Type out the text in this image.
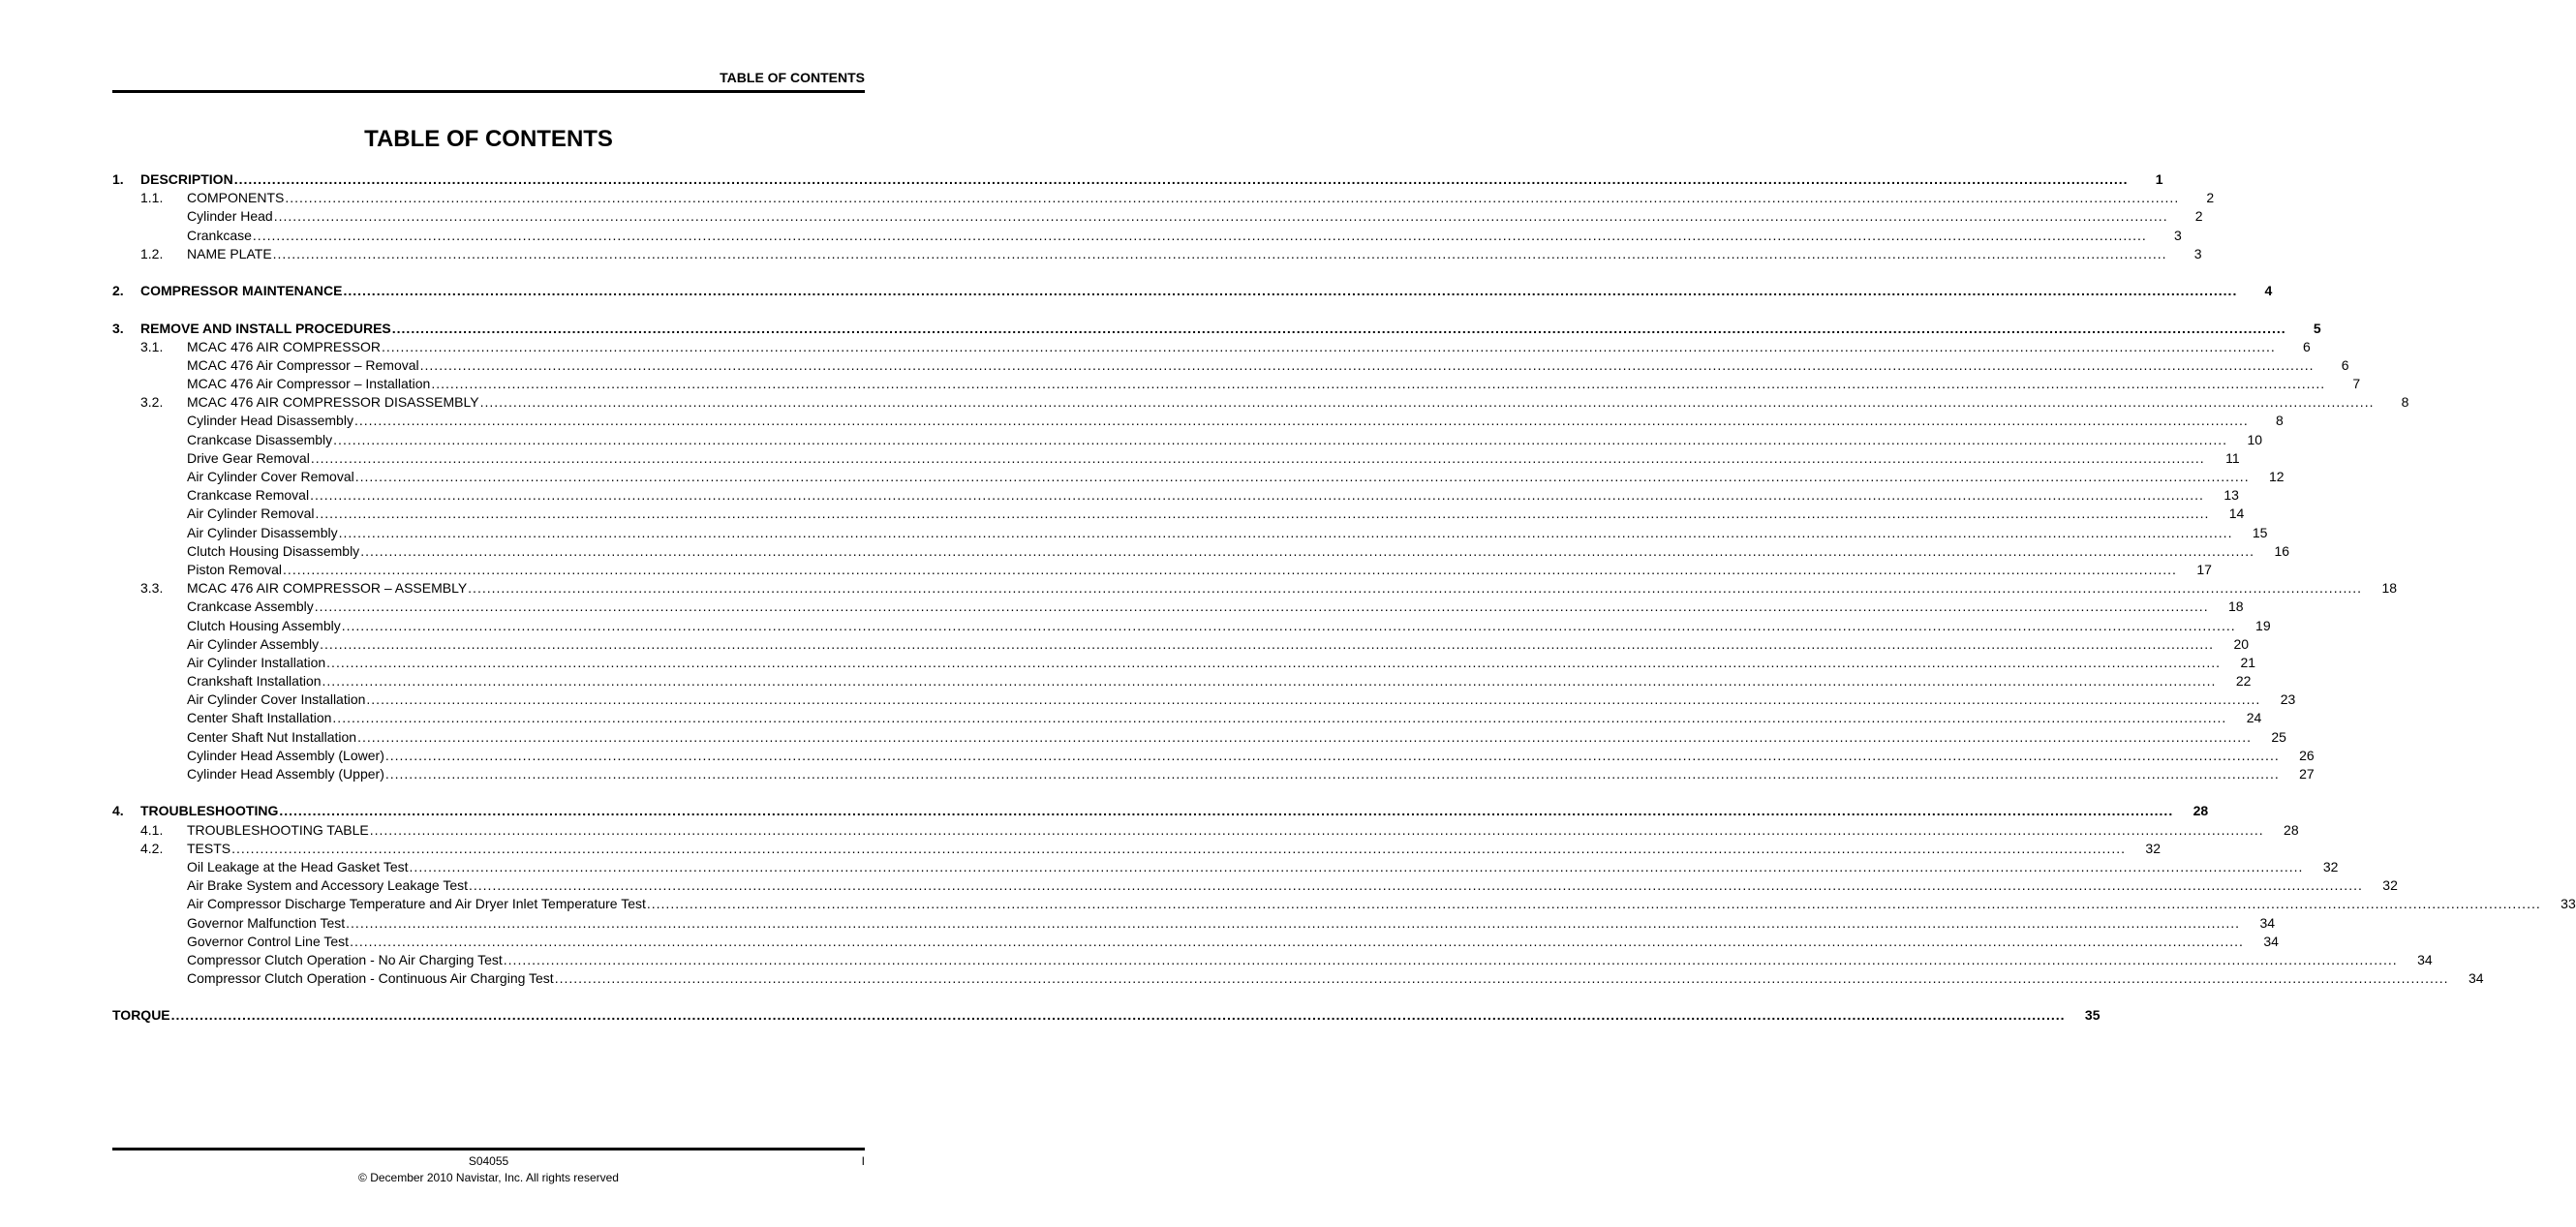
TABLE OF CONTENTS
TABLE OF CONTENTS
1.	DESCRIPTION ................................................................................................................................................................................................................................................................................................................................................................................................................	1
1.1.	COMPONENTS ................................................................................................................................................................................................................................................................................................................................................................................................................	2
Cylinder Head ................................................................................................................................................................................................................................................................................................................................................................................................................	2
Crankcase ................................................................................................................................................................................................................................................................................................................................................................................................................	3
1.2.	NAME PLATE ................................................................................................................................................................................................................................................................................................................................................................................................................	3
2.	COMPRESSOR MAINTENANCE ................................................................................................................................................................................................................................................................................................................................................................................................................	4
3.	REMOVE AND INSTALL PROCEDURES ................................................................................................................................................................................................................................................................................................................................................................................................................	5
3.1.	MCAC 476 AIR COMPRESSOR ................................................................................................................................................................................................................................................................................................................................................................................................................	6
MCAC 476 Air Compressor – Removal ................................................................................................................................................................................................................................................................................................................................................................................................................	6
MCAC 476 Air Compressor – Installation ................................................................................................................................................................................................................................................................................................................................................................................................................	7
3.2.	MCAC 476 AIR COMPRESSOR DISASSEMBLY ................................................................................................................................................................................................................................................................................................................................................................................................................	8
Cylinder Head Disassembly ................................................................................................................................................................................................................................................................................................................................................................................................................	8
Crankcase Disassembly ................................................................................................................................................................................................................................................................................................................................................................................................................	10
Drive Gear Removal ................................................................................................................................................................................................................................................................................................................................................................................................................	11
Air Cylinder Cover Removal ................................................................................................................................................................................................................................................................................................................................................................................................................	12
Crankcase Removal ................................................................................................................................................................................................................................................................................................................................................................................................................	13
Air Cylinder Removal ................................................................................................................................................................................................................................................................................................................................................................................................................	14
Air Cylinder Disassembly ................................................................................................................................................................................................................................................................................................................................................................................................................	15
Clutch Housing Disassembly ................................................................................................................................................................................................................................................................................................................................................................................................................	16
Piston Removal ................................................................................................................................................................................................................................................................................................................................................................................................................	17
3.3.	MCAC 476 AIR COMPRESSOR – ASSEMBLY ................................................................................................................................................................................................................................................................................................................................................................................................................	18
Crankcase Assembly ................................................................................................................................................................................................................................................................................................................................................................................................................	18
Clutch Housing Assembly ................................................................................................................................................................................................................................................................................................................................................................................................................	19
Air Cylinder Assembly ................................................................................................................................................................................................................................................................................................................................................................................................................	20
Air Cylinder Installation ................................................................................................................................................................................................................................................................................................................................................................................................................	21
Crankshaft Installation ................................................................................................................................................................................................................................................................................................................................................................................................................	22
Air Cylinder Cover Installation ................................................................................................................................................................................................................................................................................................................................................................................................................	23
Center Shaft Installation ................................................................................................................................................................................................................................................................................................................................................................................................................	24
Center Shaft Nut Installation ................................................................................................................................................................................................................................................................................................................................................................................................................	25
Cylinder Head Assembly (Lower) ................................................................................................................................................................................................................................................................................................................................................................................................................	26
Cylinder Head Assembly (Upper) ................................................................................................................................................................................................................................................................................................................................................................................................................	27
4.	TROUBLESHOOTING ................................................................................................................................................................................................................................................................................................................................................................................................................	28
4.1.	TROUBLESHOOTING TABLE ................................................................................................................................................................................................................................................................................................................................................................................................................	28
4.2.	TESTS ................................................................................................................................................................................................................................................................................................................................................................................................................	32
Oil Leakage at the Head Gasket Test ................................................................................................................................................................................................................................................................................................................................................................................................................	32
Air Brake System and Accessory Leakage Test ................................................................................................................................................................................................................................................................................................................................................................................................................	32
Air Compressor Discharge Temperature and Air Dryer Inlet Temperature Test ................................................................................................................................................................................................................................................................................................................................................................................................................	33
Governor Malfunction Test ................................................................................................................................................................................................................................................................................................................................................................................................................	34
Governor Control Line Test ................................................................................................................................................................................................................................................................................................................................................................................................................	34
Compressor Clutch Operation - No Air Charging Test ................................................................................................................................................................................................................................................................................................................................................................................................................	34
Compressor Clutch Operation - Continuous Air Charging Test ................................................................................................................................................................................................................................................................................................................................................................................................................	34
TORQUE ................................................................................................................................................................................................................................................................................................................................................................................................................	35
S04055	I
© December 2010 Navistar, Inc. All rights reserved
